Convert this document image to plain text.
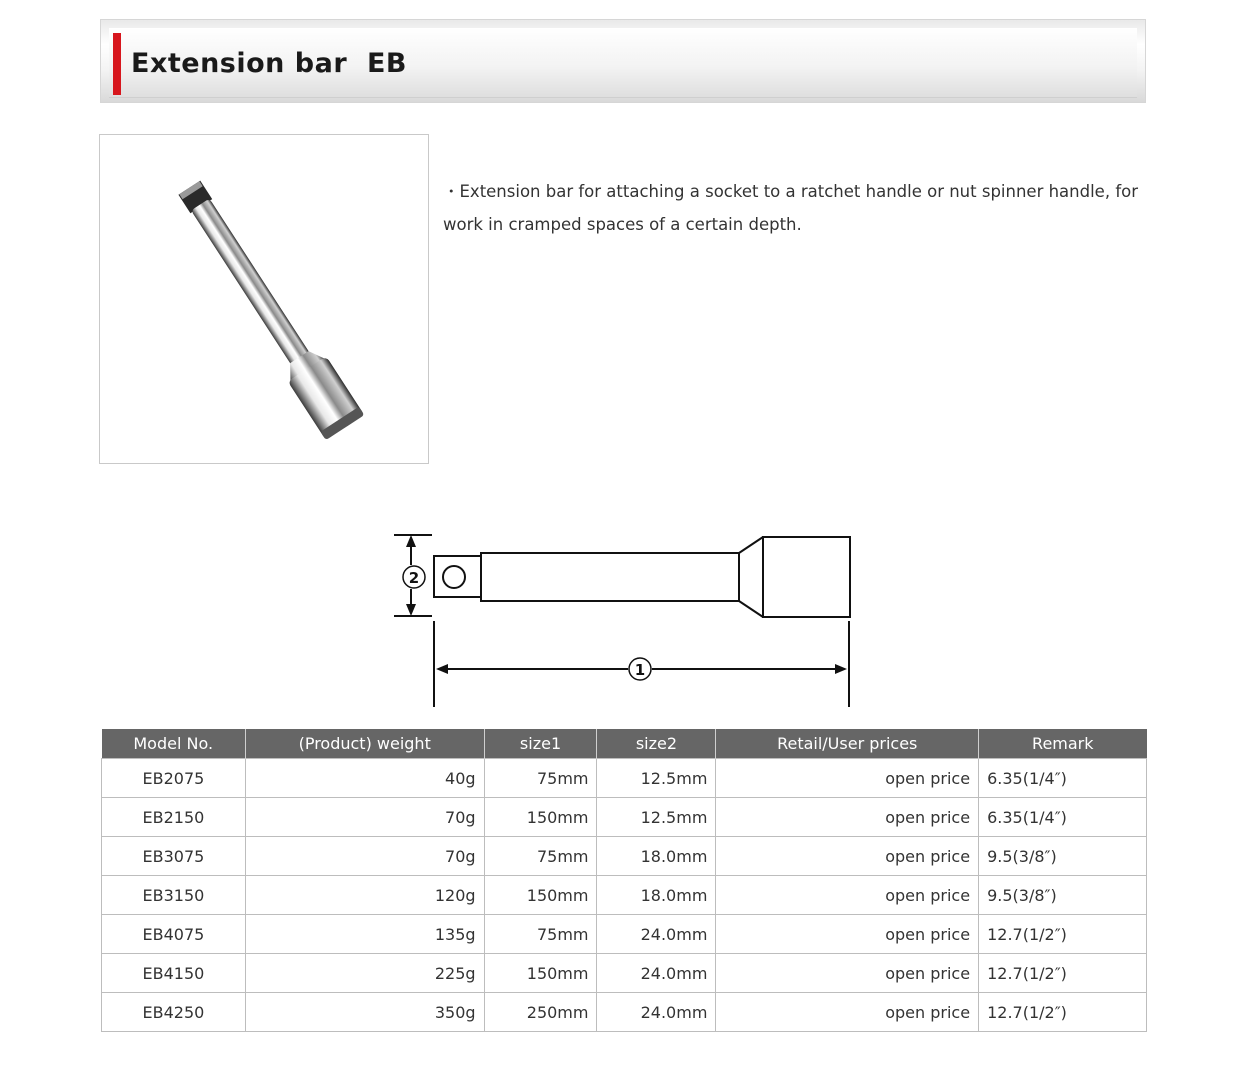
Extension bar  EB
・Extension bar for attaching a socket to a ratchet handle or nut spinner handle, for work in cramped spaces of a certain depth.
2
1
Model No.	(Product) weight	size1	size2	Retail/User prices	Remark
EB2075	40g	75mm	12.5mm	open price	6.35(1/4″)
EB2150	70g	150mm	12.5mm	open price	6.35(1/4″)
EB3075	70g	75mm	18.0mm	open price	9.5(3/8″)
EB3150	120g	150mm	18.0mm	open price	9.5(3/8″)
EB4075	135g	75mm	24.0mm	open price	12.7(1/2″)
EB4150	225g	150mm	24.0mm	open price	12.7(1/2″)
EB4250	350g	250mm	24.0mm	open price	12.7(1/2″)
